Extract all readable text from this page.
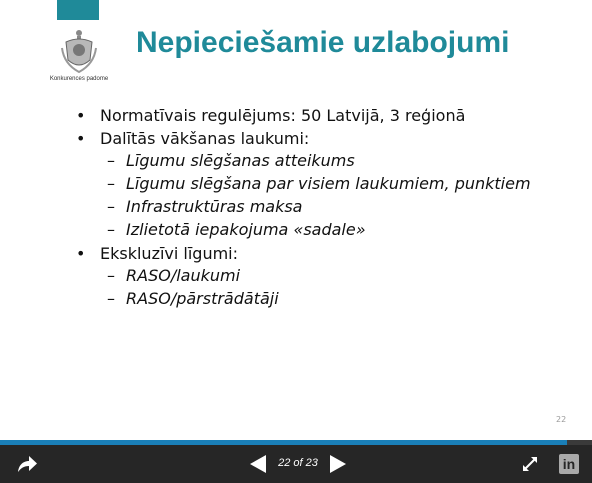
Konkurences padome
Nepieciešamie uzlabojumi
• Normatīvais regulējums: 50 Latvijā, 3 reģionā
• Dalītās vākšanas laukumi:
– Līgumu slēgšanas atteikums
– Līgumu slēgšana par visiem laukumiem, punktiem
– Infrastruktūras maksa
– Izlietotā iepakojuma «sadale»
• Ekskluzīvi līgumi:
– RASO/laukumi
– RASO/pārstrādātāji
22
22 of 23	in
